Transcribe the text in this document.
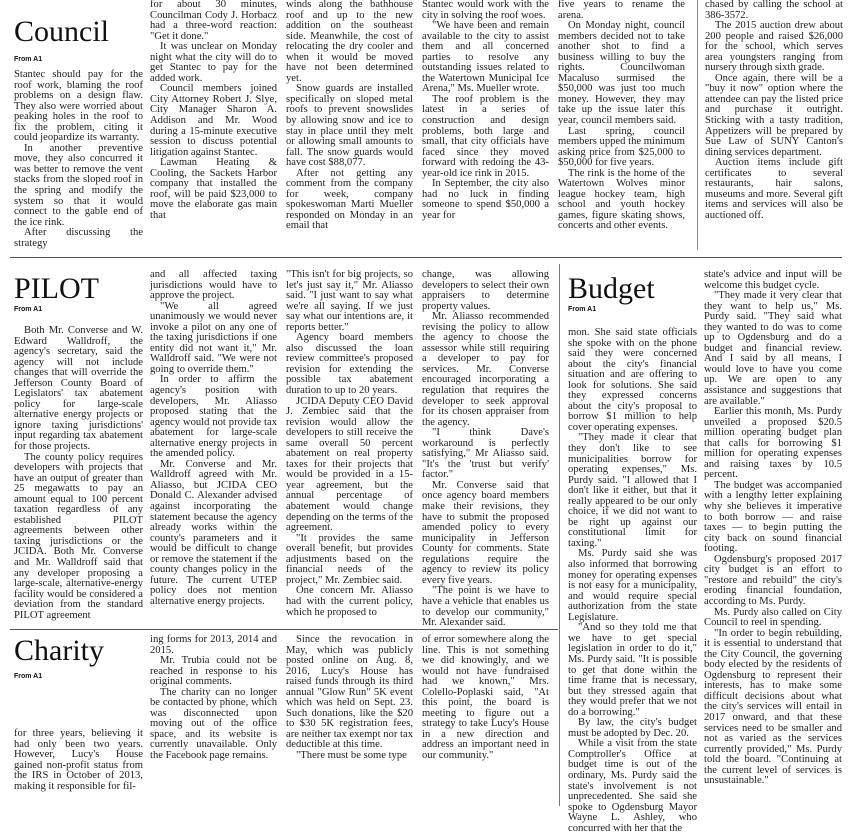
Council
From A1

Stantec should pay for the roof work, blaming the roof problems on a design flaw. They also were worried about peaking holes in the roof to fix the problem, citing it could jeopardize its warranty.

In another preventive move, they also concurred it was better to remove the vent stacks from the sloped roof in the spring and modify the system so that it would connect to the gable end of the ice rink.

After discussing the strategy

for about 30 minutes, Councilman Cody J. Horbacz had a three-word reaction: "Get it done."

It was unclear on Monday night what the city will do to get Stantec to pay for the added work.

Council members joined City Attorney Robert J. Slye, City Manager Sharon A. Addison and Mr. Wood during a 15-minute executive session to discuss potential litigation against Stantec.

Lawman Heating & Cooling, the Sackets Harbor company that installed the roof, will be paid $23,000 to move the elaborate gas main that

winds along the bathhouse roof and up to the new addition on the southeast side. Meanwhile, the cost of relocating the dry cooler and when it would be moved have not been determined yet.

Snow guards are installed specifically on sloped metal roofs to prevent snowslides by allowing snow and ice to stay in place until they melt or allowing small amounts to fall. The snow guards would have cost $88,077.

After not getting any comment from the company for week, company spokeswoman Marti Mueller responded on Monday in an email that

Stantec would work with the city in solving the roof woes.

"We have been and remain available to the city to assist them and all concerned parties to resolve any outstanding issues related to the Watertown Municipal Ice Arena," Ms. Mueller wrote.

The roof problem is the latest in a series of construction and design problems, both large and small, that city officials have faced since they moved forward with redoing the 43-year-old ice rink in 2015.

In September, the city also had no luck in finding someone to spend $50,000 a year for

five years to rename the arena.

On Monday night, council members decided not to take another shot to find a business willing to buy the rights. Councilwoman Macaluso surmised the $50,000 was just too much money. However, they may take up the issue later this year, council members said.

Last spring, council members upped the minimum asking price from $25,000 to $50,000 for five years.

The rink is the home of the Watertown Wolves minor league hockey team, high school and youth hockey games, figure skating shows, concerts and other events.

chased by calling the school at 386-3572.

The 2015 auction drew about 200 people and raised $26,000 for the school, which serves area youngsters ranging from nursery through sixth grade.

Once again, there will be a "buy it now" option where the attendee can pay the listed price and purchase it outright. Sticking with a tasty tradition, Appetizers will be prepared by Sue Law of SUNY Canton's dining services department.

Auction items include gift certificates to several restaurants, hair salons, museums and more. Several gift items and services will also be auctioned off.

PILOT
From A1

Both Mr. Converse and W. Edward Walldroff, the agency's secretary, said the agency will not include changes that will override the Jefferson County Board of Legislators' tax abatement policy for large-scale alternative energy projects or ignore taxing jurisdictions' input regarding tax abatement for those projects.

The county policy requires developers with projects that have an output of greater than 25 megawatts to pay an amount equal to 100 percent taxation regardless of any established PILOT agreements between other taxing jurisdictions or the JCIDA. Both Mr. Converse and Mr. Walldroff said that any developer proposing a large-scale, alternative-energy facility would be considered a deviation from the standard PILOT agreement

and all affected taxing jurisdictions would have to approve the project.

"We all agreed unanimously we would never invoke a pilot on any one of the taxing jurisdictions if one entity did not want it," Mr. Walldroff said. "We were not going to override them."

In order to affirm the agency's position with developers, Mr. Aliasso proposed stating that the agency would not provide tax abatement for large-scale alternative energy projects in the amended policy.

Mr. Converse and Mr. Walldroff agreed with Mr. Aliasso, but JCIDA CEO Donald C. Alexander advised against incorporating the statement because the agency already works within the county's parameters and it would be difficult to change or remove the statement if the county changes policy in the future. The current UTEP policy does not mention alternative energy projects.

"This isn't for big projects, so let's just say it," Mr. Aliasso said. "I just want to say what we're all saying. If we just say what our intentions are, it reports better."

Agency board members also discussed the loan review committee's proposed revision for extending the possible tax abatement duration to up to 20 years.

JCIDA Deputy CEO David J. Zembiec said that the revision would allow the developers to still receive the same overall 50 percent abatement on real property taxes for their projects that would be provided in a 15-year agreement, but the annual percentage of abatement would change depending on the terms of the agreement.

"It provides the same overall benefit, but provides adjustments based on the financial needs of the project," Mr. Zembiec said.

One concern Mr. Aliasso had with the current policy, which he proposed to

change, was allowing developers to select their own appraisers to determine property values.

Mr. Aliasso recommended revising the policy to allow the agency to choose the assessor while still requiring a developer to pay for services. Mr. Converse encouraged incorporating a regulation that requires the developer to seek approval for its chosen appraiser from the agency.

"I think Dave's workaround is perfectly satisfying," Mr Aliasso said. "It's the 'trust but verify' factor."

Mr. Converse said that once agency board members make their revisions, they have to submit the proposed amended policy to every municipality in Jefferson County for comments. State regulations require the agency to review its policy every five years.

"The point is we have to have a vehicle that enables us to develop our community," Mr. Alexander said.

Budget
From A1

mon. She said state officials she spoke with on the phone said they were concerned about the city's financial situation and are offering to look for solutions. She said they expressed concerns about the city's proposal to borrow $1 million to help cover operating expenses.

"They made it clear that they don't like to see municipalities borrow for operating expenses," Ms. Purdy said. "I allowed that I don't like it either, but that it really appeared to be our only choice, if we did not want to be right up against our constitutional limit for taxing."

Ms. Purdy said she was also informed that borrowing money for operating expenses is not easy for a municipality, and would require special authorization from the state Legislature.

"And so they told me that we have to get special legislation in order to do it," Ms. Purdy said. "It is possible to get that done within the time frame that is necessary, but they stressed again that they would prefer that we not do a borrowing."

By law, the city's budget must be adopted by Dec. 20.

While a visit from the state Comptroller's Office at budget time is out of the ordinary, Ms. Purdy said the state's involvement is not unprecedented. She said she spoke to Ogdensburg Mayor Wayne L. Ashley, who concurred with her that the

state's advice and input will be welcome this budget cycle.

"They made it very clear that they want to help us," Ms. Purdy said. "They said what they wanted to do was to come up to Ogdensburg and do a budget and financial review. And I said by all means, I would love to have you come up. We are open to any assistance and suggestions that are available."

Earlier this month, Ms. Purdy unveiled a proposed $20.5 million operating budget plan that calls for borrowing $1 million for operating expenses and raising taxes by 10.5 percent.

The budget was accompanied with a lengthy letter explaining why she believes it imperative to both borrow — and raise taxes — to begin putting the city back on sound financial footing.

Ogdensburg's proposed 2017 city budget is an effort to "restore and rebuild" the city's eroding financial foundation, according to Ms. Purdy.

Ms. Purdy also called on City Council to reel in spending.

"In order to begin rebuilding, it is essential to understand that the City Council, the governing body elected by the residents of Ogdensburg to represent their interests, has to make some difficult decisions about what the city's services will entail in 2017 onward, and that these services need to be smaller and not as varied as the services currently provided," Ms. Purdy told the board. "Continuing at the current level of services is unsustainable."

Charity
From A1

for three years, believing it had only been two years. However, Lucy's House gained non-profit status from the IRS in October of 2013, making it responsible for fil-

ing forms for 2013, 2014 and 2015.

Mr. Trubia could not be reached in response to his original comments.

The charity can no longer be contacted by phone, which was disconnected upon moving out of the office space, and its website is currently unavailable. Only the Facebook page remains.

Since the revocation in May, which was publicly posted online on Aug. 8, 2016, Lucy's House has raised funds through its third annual "Glow Run" 5K event which was held on Sept. 23. Such donations, like the $20 to $30 5K registration fees, are neither tax exempt nor tax deductible at this time.

"There must be some type

of error somewhere along the line. This is not something we did knowingly, and we would not have fundraised had we known," Mrs. Colello-Poplaski said, "At this point, the board is meeting to figure out a strategy to take Lucy's House in a new direction and address an important need in our community."
